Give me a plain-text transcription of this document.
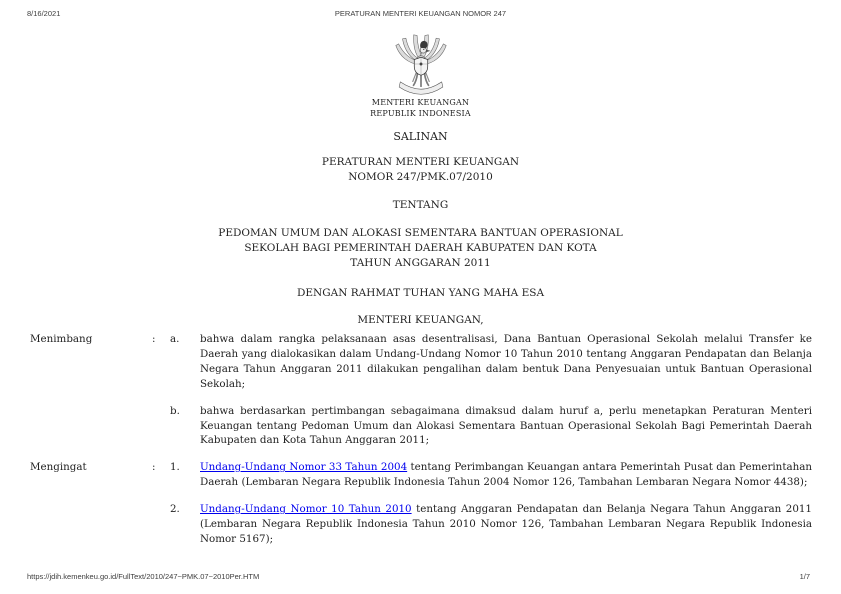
8/16/2021	PERATURAN MENTERI KEUANGAN NOMOR 247
MENTERI KEUANGAN
REPUBLIK INDONESIA
SALINAN
PERATURAN MENTERI KEUANGAN
NOMOR 247/PMK.07/2010
TENTANG
PEDOMAN UMUM DAN ALOKASI SEMENTARA BANTUAN OPERASIONAL
SEKOLAH BAGI PEMERINTAH DAERAH KABUPATEN DAN KOTA
TAHUN ANGGARAN 2011
DENGAN RAHMAT TUHAN YANG MAHA ESA
MENTERI KEUANGAN,
Menimbang	:	a.	bahwa dalam rangka pelaksanaan asas desentralisasi, Dana Bantuan Operasional Sekolah melalui Transfer ke Daerah yang dialokasikan dalam Undang-Undang Nomor 10 Tahun 2010 tentang Anggaran Pendapatan dan Belanja Negara Tahun Anggaran 2011 dilakukan pengalihan dalam bentuk Dana Penyesuaian untuk Bantuan Operasional Sekolah;
b.	bahwa berdasarkan pertimbangan sebagaimana dimaksud dalam huruf a, perlu menetapkan Peraturan Menteri Keuangan tentang Pedoman Umum dan Alokasi Sementara Bantuan Operasional Sekolah Bagi Pemerintah Daerah Kabupaten dan Kota Tahun Anggaran 2011;
Mengingat	:	1.	Undang-Undang Nomor 33 Tahun 2004 tentang Perimbangan Keuangan antara Pemerintah Pusat dan Pemerintahan Daerah (Lembaran Negara Republik Indonesia Tahun 2004 Nomor 126, Tambahan Lembaran Negara Nomor 4438);
2.	Undang-Undang Nomor 10 Tahun 2010 tentang Anggaran Pendapatan dan Belanja Negara Tahun Anggaran 2011 (Lembaran Negara Republik Indonesia Tahun 2010 Nomor 126, Tambahan Lembaran Negara Republik Indonesia Nomor 5167);
https://jdih.kemenkeu.go.id/FullText/2010/247~PMK.07~2010Per.HTM	1/7
